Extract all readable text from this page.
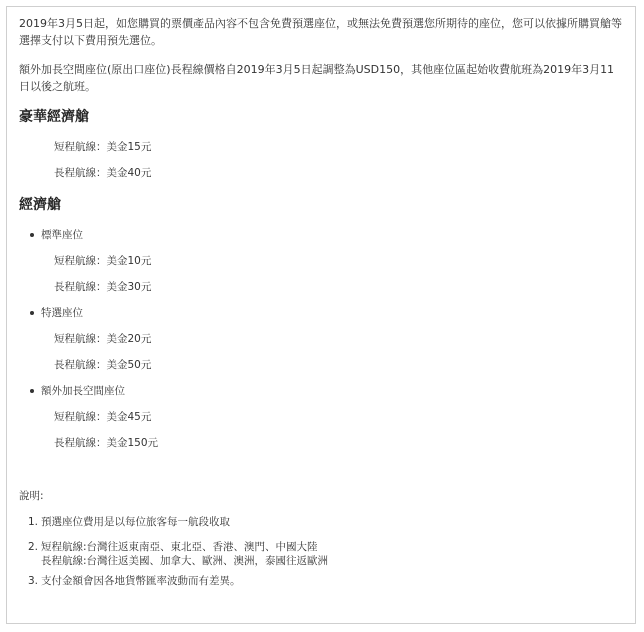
2019年3月5日起，如您購買的票價產品內容不包含免費預選座位，或無法免費預選您所期待的座位，您可以依據所購買艙等選擇支付以下費用預先選位。

額外加長空間座位(原出口座位)長程線價格自2019年3月5日起調整為USD150，其他座位區起始收費航班為2019年3月11日以後之航班。

豪華經濟艙

短程航線：美金15元

長程航線：美金40元

經濟艙

標準座位

短程航線：美金10元

長程航線：美金30元

特選座位

短程航線：美金20元

長程航線：美金50元

額外加長空間座位

短程航線：美金45元

長程航線：美金150元

說明:

1. 預選座位費用是以每位旅客每一航段收取
2. 短程航線:台灣往返東南亞、東北亞、香港、澳門、中國大陸
長程航線:台灣往返美國、加拿大、歐洲、澳洲，泰國往返歐洲
3. 支付金額會因各地貨幣匯率波動而有差異。
